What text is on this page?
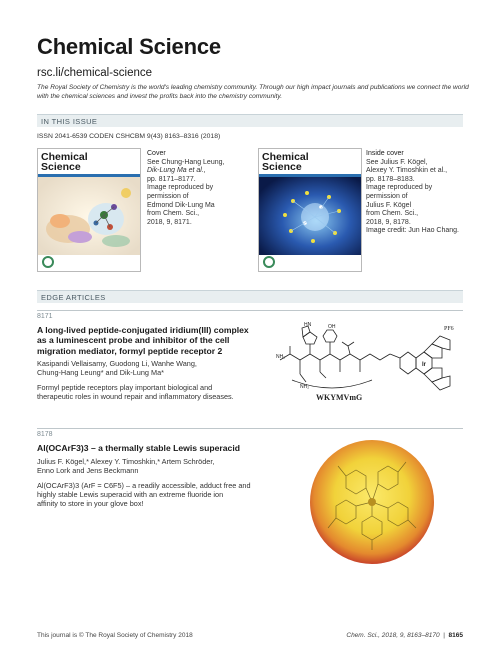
Chemical Science
rsc.li/chemical-science
The Royal Society of Chemistry is the world's leading chemistry community. Through our high impact journals and publications we connect the world with the chemical sciences and invest the profits back into the chemistry community.
IN THIS ISSUE
ISSN 2041-6539 CODEN CSHCBM 9(43) 8163–8316 (2018)
Chemical
Science
Cover
See Chung-Hang Leung,
Dik-Lung Ma et al.,
pp. 8171–8177.
Image reproduced by
permission of
Edmond Dik-Lung Ma
from Chem. Sci.,
2018, 9, 8171.
Chemical
Science
Inside cover
See Julius F. Kögel,
Alexey Y. Timoshkin et al.,
pp. 8178–8183.
Image reproduced by
permission of
Julius F. Kögel
from Chem. Sci.,
2018, 9, 8178.
Image credit: Jun Hao Chang.
EDGE ARTICLES
8171
A long-lived peptide-conjugated iridium(III) complex
as a luminescent probe and inhibitor of the cell
migration mediator, formyl peptide receptor 2
Kasipandi Vellaisamy, Guodong Li, Wanhe Wang,
Chung-Hang Leung* and Dik-Lung Ma*
Formyl peptide receptors play important biological and
therapeutic roles in wound repair and inflammatory diseases.
NH₂
HN	OH
NH₂
Ir
PF6
WKYMVmG
8178
Al(OCArF3)3 – a thermally stable Lewis superacid
Julius F. Kögel,* Alexey Y. Timoshkin,* Artem Schröder,
Enno Lork and Jens Beckmann
Al(OCArF3)3 (ArF = C6F5) – a readily accessible, adduct free and
highly stable Lewis superacid with an extreme fluoride ion
affinity to store in your glove box!
This journal is © The Royal Society of Chemistry 2018	Chem. Sci., 2018, 9, 8163–8170  |  8165
